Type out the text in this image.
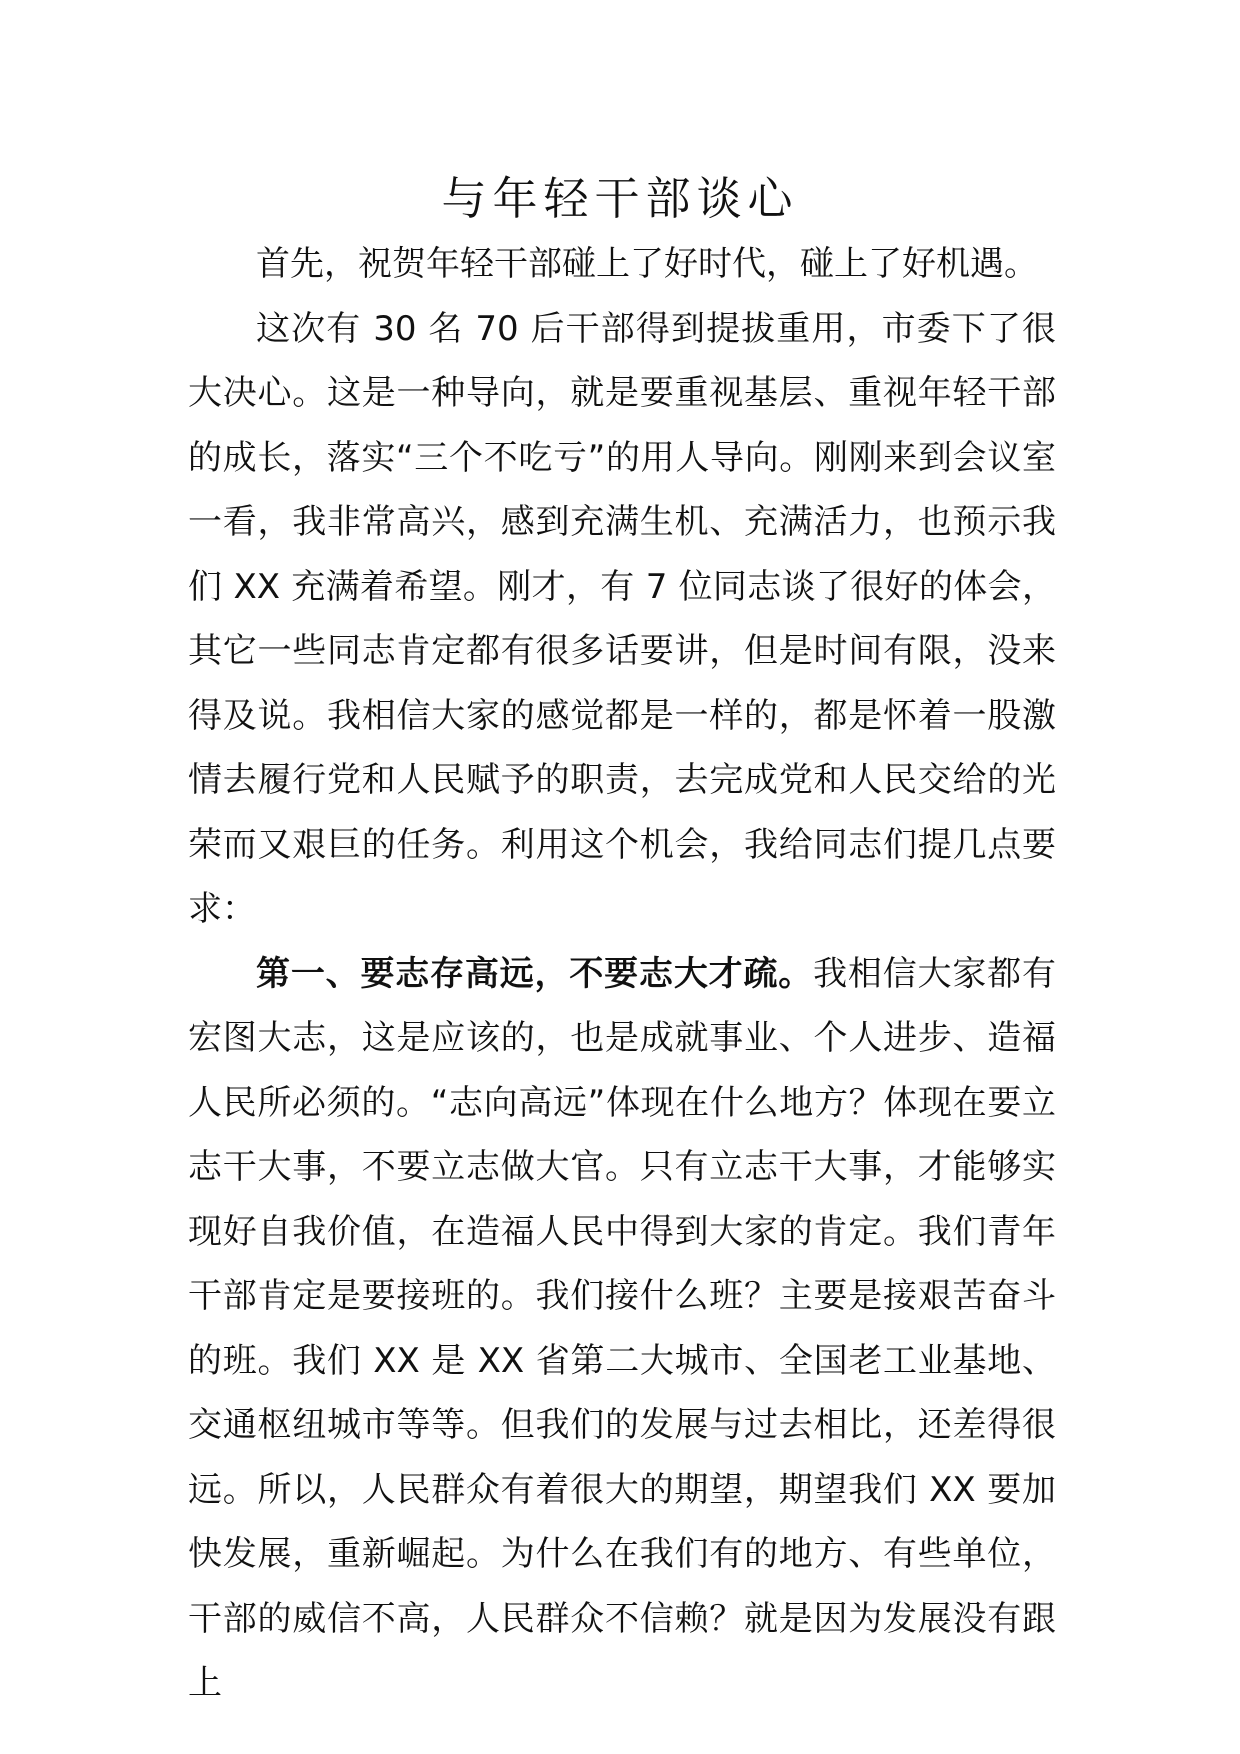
与年轻干部谈心

首先，祝贺年轻干部碰上了好时代，碰上了好机遇。

这次有 30 名 70 后干部得到提拔重用，市委下了很大决心。这是一种导向，就是要重视基层、重视年轻干部的成长，落实“三个不吃亏”的用人导向。刚刚来到会议室一看，我非常高兴，感到充满生机、充满活力，也预示我们 XX 充满着希望。刚才，有 7 位同志谈了很好的体会，其它一些同志肯定都有很多话要讲，但是时间有限，没来得及说。我相信大家的感觉都是一样的，都是怀着一股激情去履行党和人民赋予的职责，去完成党和人民交给的光荣而又艰巨的任务。利用这个机会，我给同志们提几点要求：

第一、要志存高远，不要志大才疏。我相信大家都有宏图大志，这是应该的，也是成就事业、个人进步、造福人民所必须的。“志向高远”体现在什么地方？体现在要立志干大事，不要立志做大官。只有立志干大事，才能够实现好自我价值，在造福人民中得到大家的肯定。我们青年干部肯定是要接班的。我们接什么班？主要是接艰苦奋斗的班。我们 XX 是 XX 省第二大城市、全国老工业基地、交通枢纽城市等等。但我们的发展与过去相比，还差得很远。所以，人民群众有着很大的期望，期望我们 XX 要加快发展，重新崛起。为什么在我们有的地方、有些单位，干部的威信不高，人民群众不信赖？就是因为发展没有跟上
